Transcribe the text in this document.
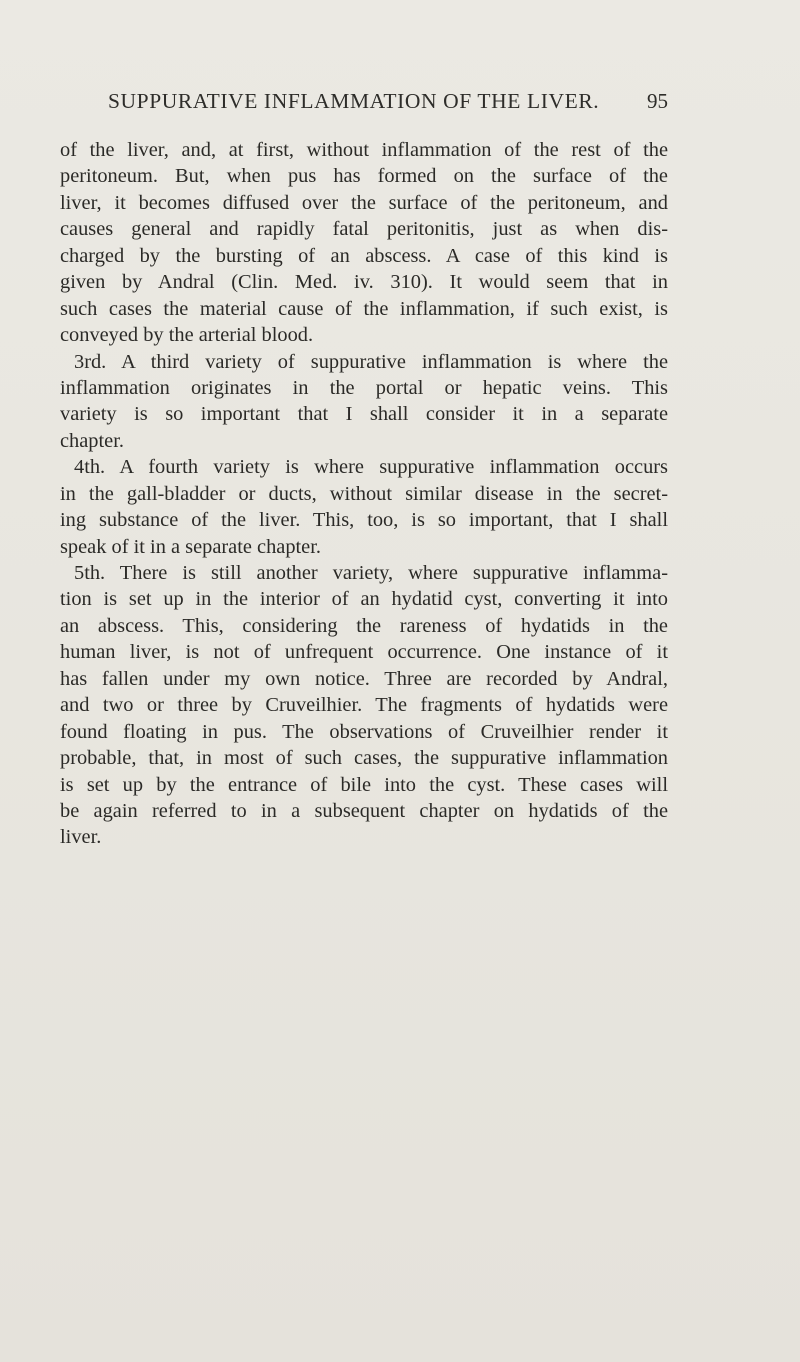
SUPPURATIVE INFLAMMATION OF THE LIVER. 95
of the liver, and, at first, without inflammation of the rest of the
peritoneum. But, when pus has formed on the surface of the
liver, it becomes diffused over the surface of the peritoneum, and
causes general and rapidly fatal peritonitis, just as when dis-
charged by the bursting of an abscess. A case of this kind is
given by Andral (Clin. Med. iv. 310). It would seem that in
such cases the material cause of the inflammation, if such exist, is
conveyed by the arterial blood.
3rd. A third variety of suppurative inflammation is where the
inflammation originates in the portal or hepatic veins. This
variety is so important that I shall consider it in a separate
chapter.
4th. A fourth variety is where suppurative inflammation occurs
in the gall-bladder or ducts, without similar disease in the secret-
ing substance of the liver. This, too, is so important, that I shall
speak of it in a separate chapter.
5th. There is still another variety, where suppurative inflamma-
tion is set up in the interior of an hydatid cyst, converting it into
an abscess. This, considering the rareness of hydatids in the
human liver, is not of unfrequent occurrence. One instance of it
has fallen under my own notice. Three are recorded by Andral,
and two or three by Cruveilhier. The fragments of hydatids were
found floating in pus. The observations of Cruveilhier render it
probable, that, in most of such cases, the suppurative inflammation
is set up by the entrance of bile into the cyst. These cases will
be again referred to in a subsequent chapter on hydatids of the
liver.
